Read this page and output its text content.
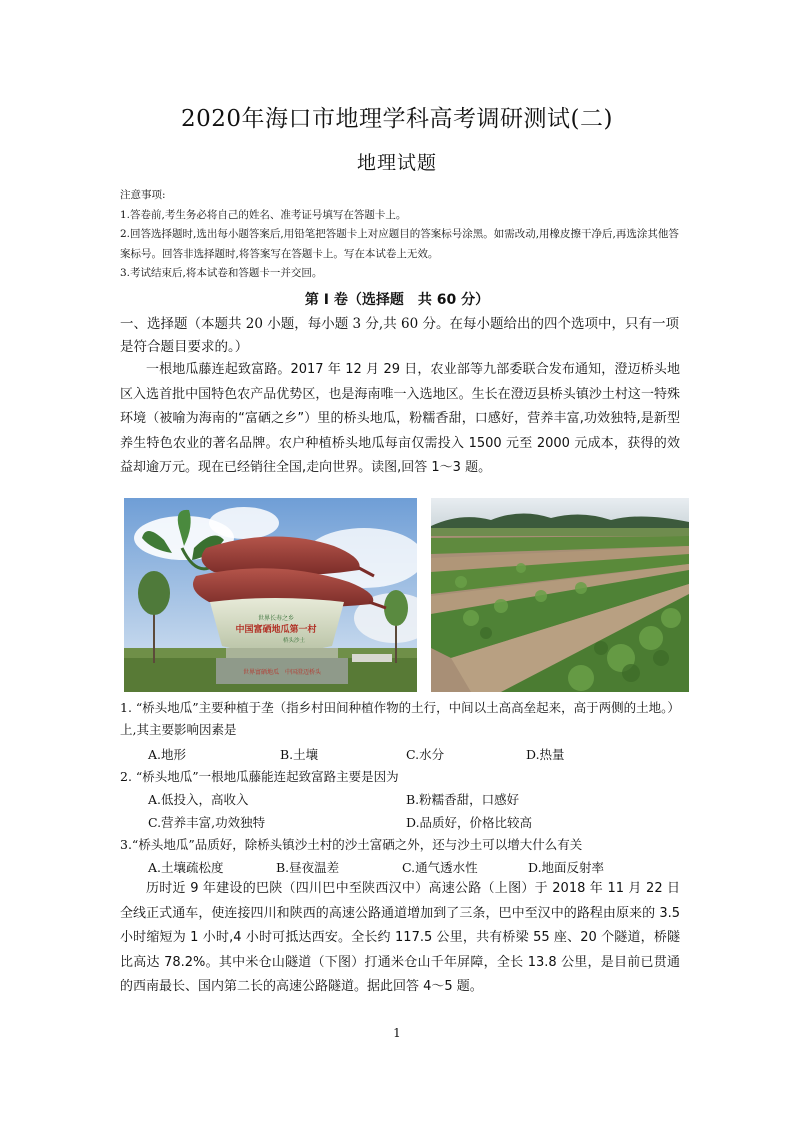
2020年海口市地理学科高考调研测试(二)
地理试题

注意事项:

1.答卷前,考生务必将自己的姓名、准考证号填写在答题卡上。

2.回答选择题时,选出每小题答案后,用铅笔把答题卡上对应题目的答案标号涂黑。如需改动,用橡皮擦干净后,再选涂其他答案标号。回答非选择题时,将答案写在答题卡上。写在本试卷上无效。

3.考试结束后,将本试卷和答题卡一并交回。

第 I 卷（选择题　共 60 分）

一、选择题（本题共 20 小题，每小题 3 分,共 60 分。在每小题给出的四个选项中，只有一项是符合题目要求的。）

一根地瓜藤连起致富路。2017 年 12 月 29 日，农业部等九部委联合发布通知，澄迈桥头地区入选首批中国特色农产品优势区，也是海南唯一入选地区。生长在澄迈县桥头镇沙土村这一特殊环境（被喻为海南的“富硒之乡”）里的桥头地瓜，粉糯香甜，口感好，营养丰富,功效独特,是新型养生特色农业的著名品牌。农户种植桥头地瓜每亩仅需投入 1500 元至 2000 元成本，获得的效益却逾万元。现在已经销往全国,走向世界。读图,回答 1～3 题。

世界长寿之乡
中国富硒地瓜第一村
桥头沙土
世界富硒地瓜　中国澄迈桥头

1. “桥头地瓜”主要种植于垄（指乡村田间种植作物的土行，中间以土高高垒起来，高于两侧的土地。）上,其主要影响因素是

A.地形	B.土壤	C.水分	D.热量

2. “桥头地瓜”一根地瓜藤能连起致富路主要是因为

A.低投入，高收入	B.粉糯香甜，口感好
C.营养丰富,功效独特	D.品质好，价格比较高

3.“桥头地瓜”品质好，除桥头镇沙土村的沙土富硒之外，还与沙土可以增大什么有关

A.土壤疏松度	B.昼夜温差	C.通气透水性	D.地面反射率

历时近 9 年建设的巴陕（四川巴中至陕西汉中）高速公路（上图）于 2018 年 11 月 22 日全线正式通车，使连接四川和陕西的高速公路通道增加到了三条，巴中至汉中的路程由原来的 3.5 小时缩短为 1 小时,4 小时可抵达西安。全长约 117.5 公里，共有桥梁 55 座、20 个隧道，桥隧比高达 78.2%。其中米仓山隧道（下图）打通米仓山千年屏障，全长 13.8 公里，是目前已贯通的西南最长、国内第二长的高速公路隧道。据此回答 4～5 题。

1
